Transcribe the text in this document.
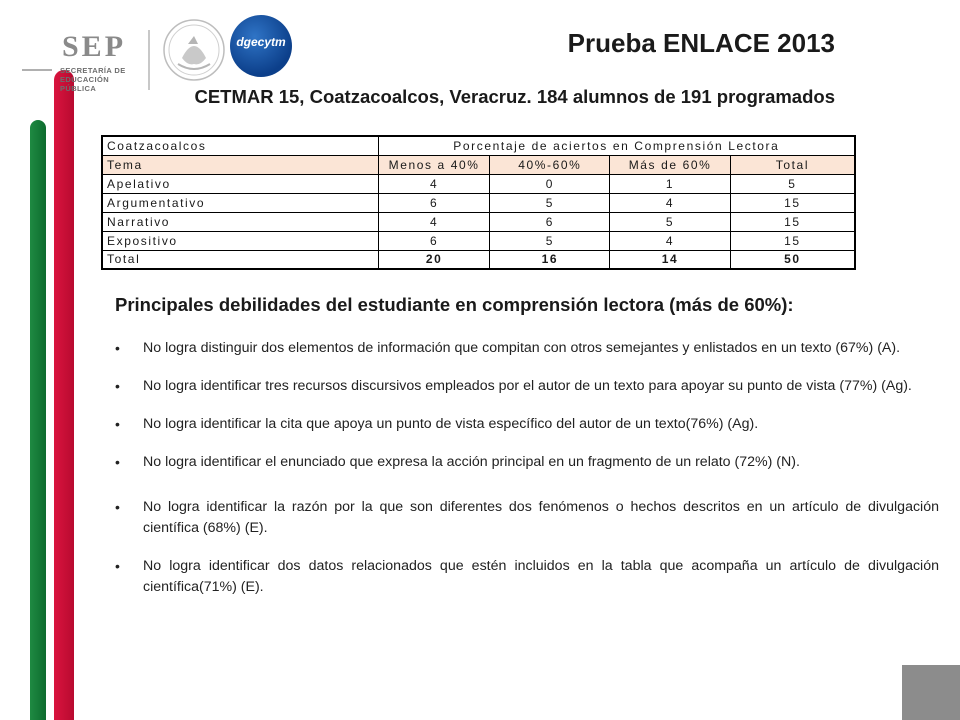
SEP
SECRETARÍA DE
EDUCACIÓN PÚBLICA
dgecytm	Prueba ENLACE 2013
CETMAR 15, Coatzacoalcos, Veracruz. 184 alumnos de 191 programados
Coatzacoalcos	Porcentaje de aciertos en Comprensión Lectora			
Tema	Menos a 40%	40%-60%	Más de 60%	Total
Apelativo	4	0	1	5
Argumentativo	6	5	4	15
Narrativo	4	6	5	15
Expositivo	6	5	4	15
Total	20	16	14	50
Principales debilidades del estudiante en comprensión lectora (más de 60%):
• No logra distinguir dos elementos de información que compitan con otros semejantes y enlistados en un texto (67%) (A).
• No logra identificar tres recursos discursivos empleados por el autor de un texto para apoyar su punto de vista (77%) (Ag).
• No logra identificar la cita que apoya un punto de vista específico del autor de un texto(76%) (Ag).
• No logra identificar el enunciado que expresa la acción principal en un fragmento de un relato (72%) (N).
• No logra identificar la razón por la que son diferentes dos fenómenos o hechos descritos en un artículo de divulgación científica (68%) (E).
• No logra identificar dos datos relacionados que estén incluidos en la tabla que acompaña un artículo de divulgación científica(71%) (E).
